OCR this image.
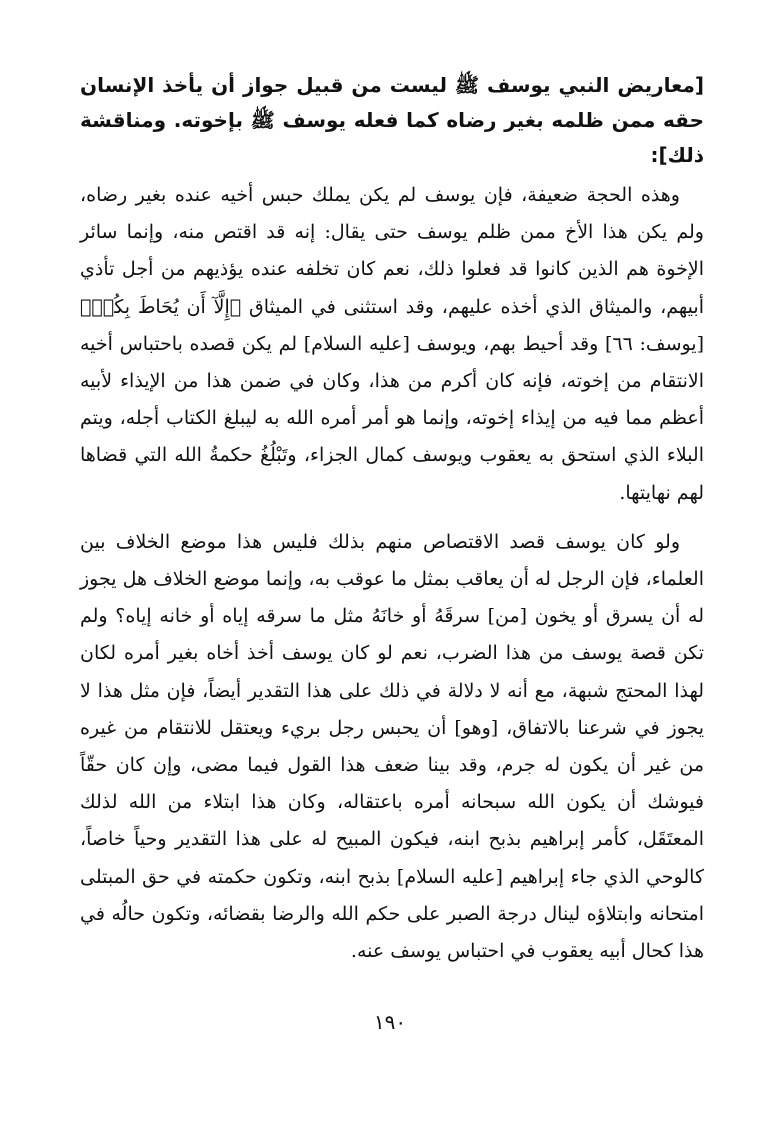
[معاريض النبي يوسف ﷺ ليست من قبيل جواز أن يأخذ الإنسان حقه ممن ظلمه بغير رضاه كما فعله يوسف ﷺ بإخوته. ومناقشة ذلك]:

وهذه الحجة ضعيفة، فإن يوسف لم يكن يملك حبس أخيه عنده بغير رضاه، ولم يكن هذا الأخ ممن ظلم يوسف حتى يقال: إنه قد اقتص منه، وإنما سائر الإخوة هم الذين كانوا قد فعلوا ذلك، نعم كان تخلفه عنده يؤذيهم من أجل تأذي أبيهم، والميثاق الذي أخذه عليهم، وقد استثنى في الميثاق ﴿إِلَّآ أَن يُحَاطَ بِكُمۡ﴾ [يوسف: ٦٦] وقد أحيط بهم، ويوسف [عليه السلام] لم يكن قصده باحتباس أخيه الانتقام من إخوته، فإنه كان أكرم من هذا، وكان في ضمن هذا من الإيذاء لأبيه أعظم مما فيه من إيذاء إخوته، وإنما هو أمر أمره الله به ليبلغ الكتاب أجله، ويتم البلاء الذي استحق به يعقوب ويوسف كمال الجزاء، وتَبْلُغُ حكمةُ الله التي قضاها لهم نهايتها.

ولو كان يوسف قصد الاقتصاص منهم بذلك فليس هذا موضع الخلاف بين العلماء، فإن الرجل له أن يعاقب بمثل ما عوقب به، وإنما موضع الخلاف هل يجوز له أن يسرق أو يخون [من] سرقَهُ أو خانَهُ مثل ما سرقه إياه أو خانه إياه؟ ولم تكن قصة يوسف من هذا الضرب، نعم لو كان يوسف أخذ أخاه بغير أمره لكان لهذا المحتج شبهة، مع أنه لا دلالة في ذلك على هذا التقدير أيضاً، فإن مثل هذا لا يجوز في شرعنا بالاتفاق، [وهو] أن يحبس رجل بريء ويعتقل للانتقام من غيره من غير أن يكون له جرم، وقد بينا ضعف هذا القول فيما مضى، وإن كان حقّاً فيوشك أن يكون الله سبحانه أمره باعتقاله، وكان هذا ابتلاء من الله لذلك المعتَقَل، كأمر إبراهيم بذبح ابنه، فيكون المبيح له على هذا التقدير وحياً خاصاً، كالوحي الذي جاء إبراهيم [عليه السلام] بذبح ابنه، وتكون حكمته في حق المبتلى امتحانه وابتلاؤه لينال درجة الصبر على حكم الله والرضا بقضائه، وتكون حالُه في هذا كحال أبيه يعقوب في احتباس يوسف عنه.

١٩٠
